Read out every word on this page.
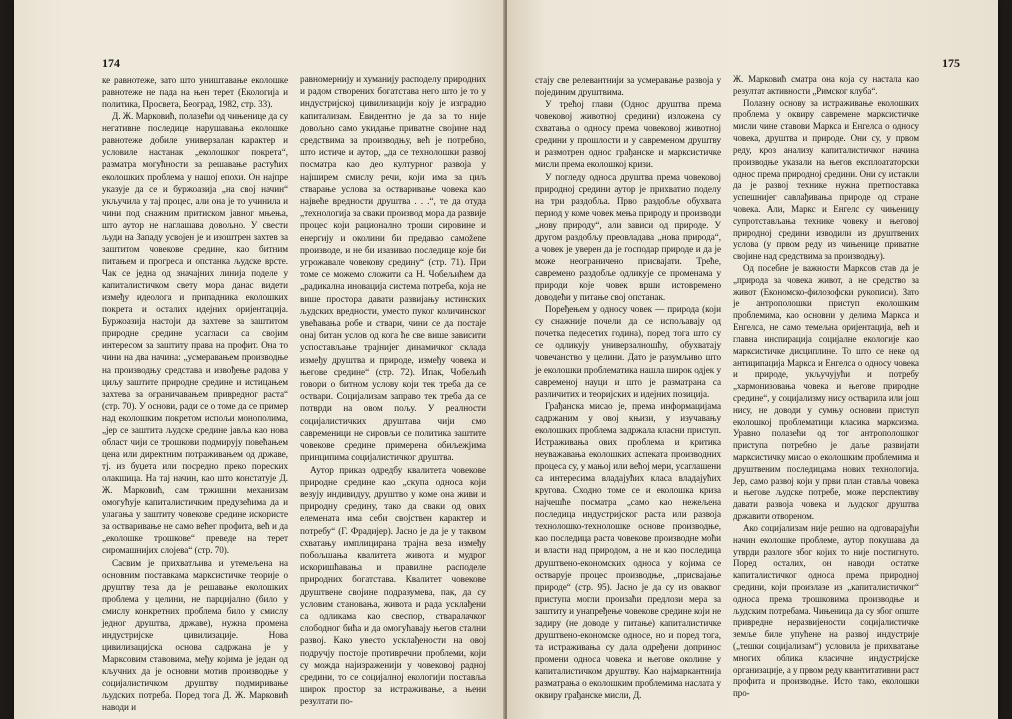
174

ке равнотеже, зато што уништавање еколошке равнотеже не пада на њен терет (Екологија и политика, Просвета, Београд, 1982, стр. 33).

Д. Ж. Марковић, полазећи од чињенице да су негативне последице нарушавања еколошке равнотеже добиле универзалан карактер и условиле настанак „еколошког покрета“, разматра могућности за решавање растућих еколошких проблема у нашој епохи. Он најпре указује да се и буржоазија „на свој начин“ укључила у тај процес, али она је то учинила и чини под снажним притиском јавног мњења, што аутор не наглашава довољно. У свести људи на Западу усвојен је и изоштрен захтев за заштитом човекове средине, као битним питањем и прогреса и опстанка људске врсте. Чак се једна од значајних линија поделе у капиталистичком свету мора данас видети између идеолога и припадника еколошких покрета и осталих идејних оријентација. Буржоазија настоји да захтеве за заштитом природне средине усагласи са својим интересом за заштиту права на профит. Она то чини на два начина: „усмеравањем производње на производњу средстава и извођење радова у циљу заштите природне средине и истицањем захтева за ограничавањем привредног раста“ (стр. 70). У основи, ради се о томе да се пример над еколошким покретом испољи монополима, „јер се заштита људске средине јавља као нова област чији се трошкови подмирују повећањем цена или директним потраживањем од државе, тј. из буџета или посредно преко пореских олакшица. На тај начин, као што констатује Д. Ж. Марковић, сам тржишни механизам омогућује капиталистичким предузећима да и улагања у заштиту човекове средине искористе за остваривање не само већег профита, већ и да „еколошке трошкове“ преведе на терет сиромашнијих слојева“ (стр. 70).

Сасвим је прихватљива и утемељена на основним поставкама марксистичке теорије о друштву теза да је решавање еколошких проблема у целини, не парцијално (било у смислу конкретних проблема било у смислу једног друштва, државе), нужна промена индустријске цивилизације. Нова цивилизацијска основа садржана је у Марксовим ставовима, међу којима је један од кључних да је основни мотив производње у социјалистичком друштву подмиривање људских потреба. Поред тога Д. Ж. Марковић наводи и

равномернију и хуманију расподелу природних и радом створених богатстава него што је то у индустријској цивилизацији коју је изградио капитализам. Евидентно је да за то није довољно само укидање приватне својине над средствима за производњу, већ је потребно, што истиче и аутор, „да се технолошки развој посматра као део културног развоја у најширем смислу речи, који има за циљ стварање услова за остваривање човека као највеће вредности друштва . . .“, те да отуда „технологија за сваки производ мора да развије процес који рационално троши сировине и енергију и околини би предавао самоženе производе, и не би изазивао последице које би угрожавале човекову средину“ (стр. 71). При томе се можемо сложити са Н. Чобељићем да „радикална иновација система потреба, која не више простора давати развијању истинских људских вредности, уместо пуког количинског увећавања робе и ствари, чини се да постаје онај битан услов од кога ће све више зависити успостављање трајнијег динамичког склада између друштва и природе, између човека и његове средине“ (стр. 72). Ипак, Чобељић говори о битном услову који тек треба да се оствари. Социјализам заправо тек треба да се потврди на овом пољу. У реалности социјалистичких друштава чији смо савременици не сировљи се политика заштите човекове средине примерена обиљежјима принципима социјалистичког друштва.

Аутор приказ одредбу квалитета човекове природне средине као „скупа односа који везују индивидуу, друштво у коме она живи и природну средину, тако да сваки од ових елемената има себи својствен карактер и потребу“ (Г. Фрадијер). Јасно је да је у таквом схватању имплицирана трајна веза између побољшања квалитета живота и мудрог искоришћавања и правилне расподеле природних богатстава. Квалитет човекове друштвене својине подразумева, пак, да су условим становања, живота и рада усклађени са одликама као свеспор, стваралачког слободног бића и да омогућавају његов стални развој. Како увесто усклађености на овој подручју постоје противречни проблеми, који су можда најизраженији у човековој радној средини, то се социјалној екологији поставља широк простор за истраживање, а њени резултати по-

175

стају све релевантнији за усмеравање развоја у појединим друштвима.

У трећој глави (Однос друштва према човековој животној средини) изложена су схватања о односу према човековој животној средини у прошлости и у савременом друштву и размотрен однос грађанске и марксистичке мисли према еколошкој кризи.

У погледу односа друштва према човековој природној средини аутор је прихватио поделу на три раздобља. Прво раздобље обухвата период у коме човек мења природу и производи „нову природу“, али зависи од природе. У другом раздобљу преовладава „нова природа“, а човек је уверен да је господар природе и да је може неограничено присвајати. Треће, савремено раздобље одликује се променама у природи које човек врши истовремено доводећи у питање свој опстанак.

Поређењем у односу човек — природа (који су снажније почели да се испољавају од почетка педесетих година), поред тога што су се одликују универзалношћу, обухватају човечанство у целини. Дато је разумљиво што је еколошки проблематика нашла широк одјек у савременој науци и што је разматрана са различитих и теоријских и идејних позиција.

Грађанска мисао је, према информацијама садржаним у овој књизи, у изучавању еколошких проблема задржала класни приступ. Истраживања ових проблема и критика неуважавања еколошких аспеката производних процеса су, у мањој или већој мери, усаглашени са интересима владајућих класа владајућих кругова. Сходно томе се и еколошка криза најчешће посматра „само као нежељена последица индустријског раста или развоја технолошко-технолошке основе производње, као последица раста човекове производне моћи и власти над природом, а не и као последица друштвено-економских односа у којима се остварује процес производње, „присвајање природе“ (стр. 95). Јасно је да су из оваквог приступа могли произаћи предлози мера за заштиту и унапређење човекове средине који не задиру (не доводе у питање) капиталистичке друштвено-економске односе, но и поред тога, та истраживања су дала одређени допринос промени односа човека и његове околине у капиталистичком друштву. Као најмаркантнија разматрања о еколошким проблемима наслата у оквиру грађанске мисли, Д.

Ж. Марковић сматра она која су настала као резултат активности „Римског клуба“.

Полазну основу за истраживање еколошких проблема у оквиру савремене марксистичке мисли чине ставови Маркса и Енгелса о односу човека, друштва и природе. Они су, у првом реду, кроз анализу капиталистичког начина производње указали на његов експлоататорски однос према природној средини. Они су истакли да је развој технике нужна претпоставка успешнијег савлађивања природе од стране човека. Али, Маркс и Енгелс су чињеницу супротстављања технике човеку и његовој природној средини изводили из друштвених услова (у првом реду из чињенице приватне својине над средствима за производњу).

Од посебне је важности Марксов став да је „природа за човека живот, а не средство за живот (Економско-филозофски рукописи). Зато је антрополошки приступ еколошким проблемима, као основни у делима Маркса и Енгелса, не само темељна оријентација, већ и главна инспирација социјалне екологије као марксистичке дисциплине. То што се неке од антиципација Маркса и Енгелса о односу човека и природе, укључујући и потребу „хармонизовања човека и његове природне средине“, у социјализму нису остварила или још нису, не доводи у сумњу основни приступ еколошкој проблематици класика марксизма. Уравно полазећи од тог антрополошког приступа потребно је даље развијати марксистичку мисао о еколошким проблемима и друштвеним последицама нових технологија. Јер, само развој који у први план ставља човека и његове људске потребе, може перспективу давати развоја човека и људског друштва државити отвореном.

Ако социјализам није решио на одговарајући начин еколошке проблеме, аутор покушава да утврди разлоге због којих то није постигнуто. Поред осталих, он наводи остатке капиталистичког односа према природној средини, који произлазе из „капиталистичког“ односа према трошковима производње и људским потребама. Чињеница да су због опште привредне неразвијености социјалистичке земље биле упућене на развој индустрије („тешки социјализам“) условила је прихватање многих облика класичне индустријске организације, а у првом реду квантитативни раст профита и производње. Исто тако, еколошки про-
